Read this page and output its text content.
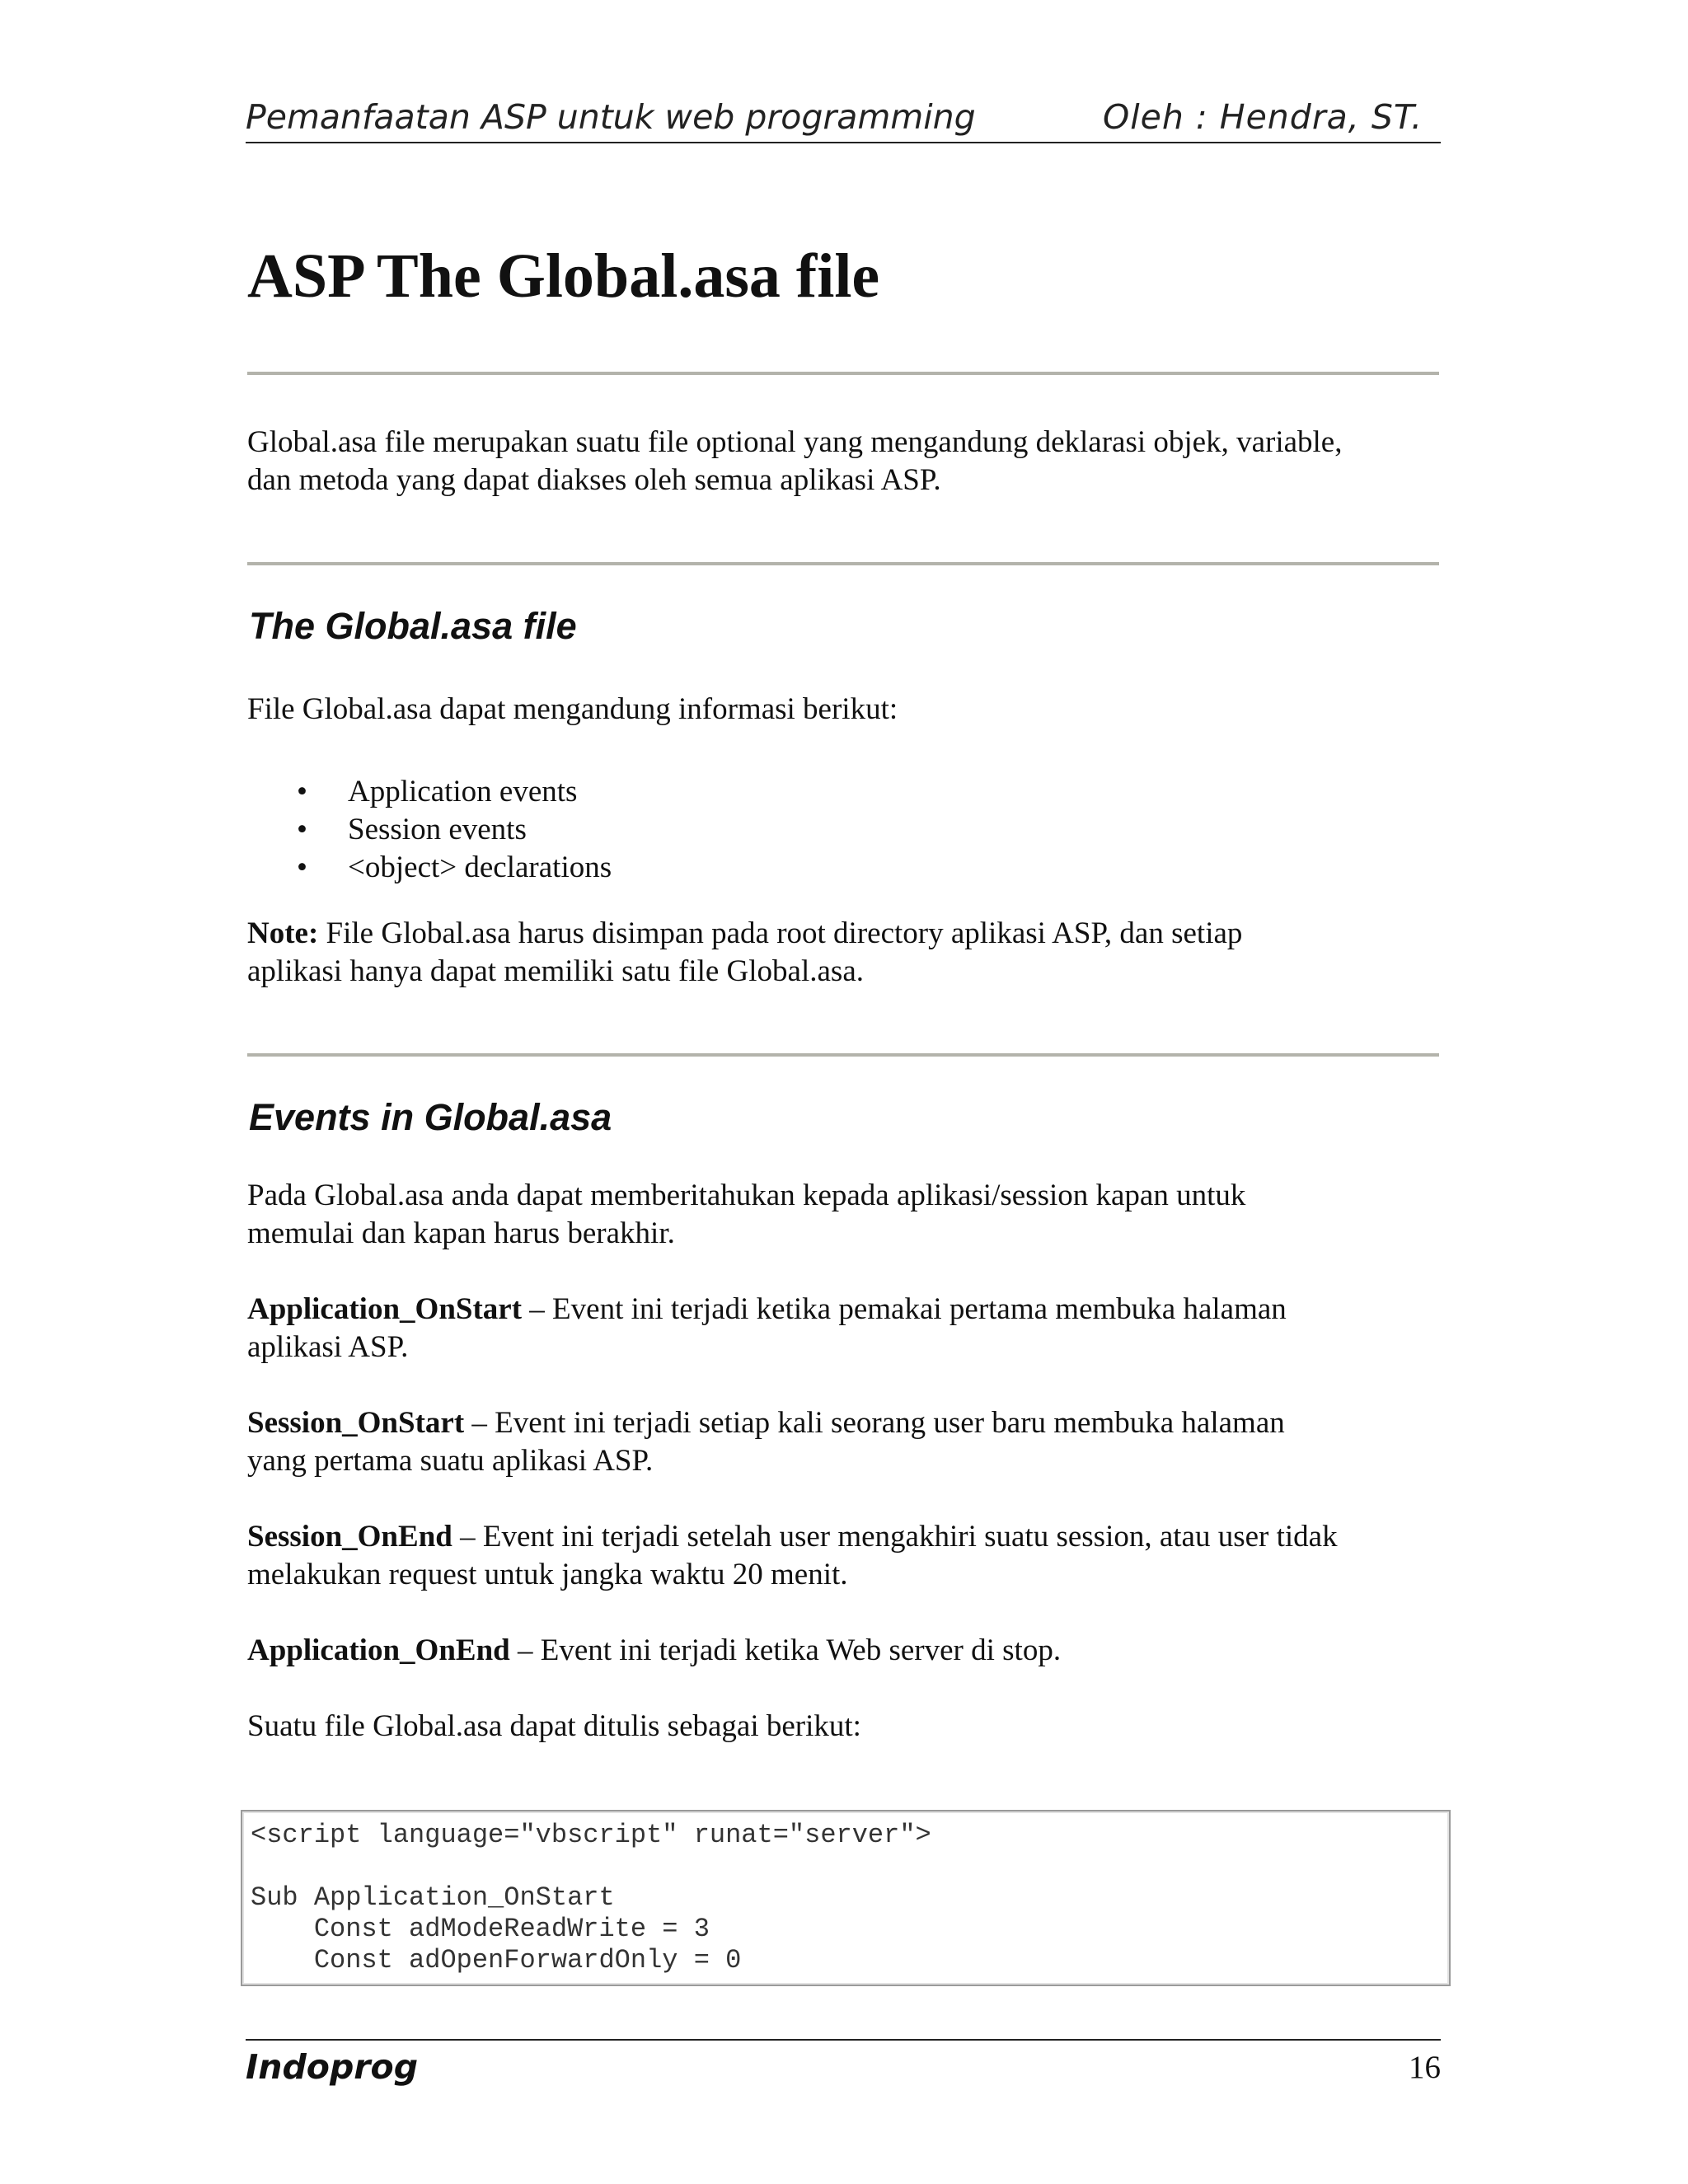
Pemanfaatan ASP untuk web programming	Oleh : Hendra, ST.
ASP The Global.asa file

Global.asa file merupakan suatu file optional yang mengandung deklarasi objek, variable,
dan metoda yang dapat diakses oleh semua aplikasi ASP.

The Global.asa file

File Global.asa dapat mengandung informasi berikut:

• Application events
• Session events
• <object> declarations

Note: File Global.asa harus disimpan pada root directory aplikasi ASP, dan setiap
aplikasi hanya dapat memiliki satu file Global.asa.

Events in Global.asa

Pada Global.asa anda dapat memberitahukan kepada aplikasi/session kapan untuk
memulai dan kapan harus berakhir.

Application_OnStart – Event ini terjadi ketika pemakai pertama membuka halaman
aplikasi ASP.

Session_OnStart – Event ini terjadi setiap kali seorang user baru membuka halaman
yang pertama suatu aplikasi ASP.

Session_OnEnd – Event ini terjadi setelah user mengakhiri suatu session, atau user tidak
melakukan request untuk jangka waktu 20 menit.

Application_OnEnd – Event ini terjadi ketika Web server di stop.

Suatu file Global.asa dapat ditulis sebagai berikut:

<script language="vbscript" runat="server">

Sub Application_OnStart
Const adModeReadWrite = 3
Const adOpenForwardOnly = 0
Indoprog	16
